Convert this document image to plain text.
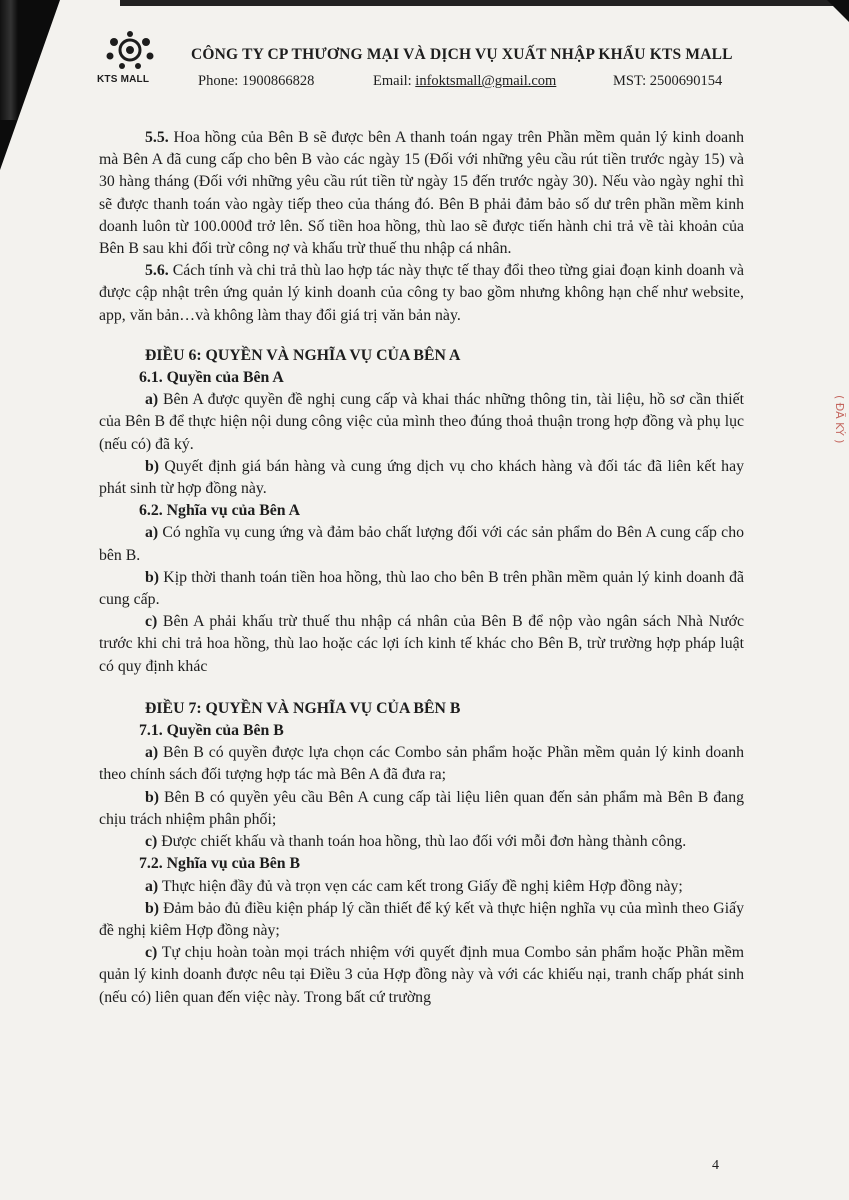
KTS MALL
CÔNG TY CP THƯƠNG MẠI VÀ DỊCH VỤ XUẤT NHẬP KHẨU KTS MALL
Phone: 1900866828	Email: infoktsmall@gmail.com	MST: 2500690154

5.5. Hoa hồng của Bên B sẽ được bên A thanh toán ngay trên Phần mềm quản lý kinh doanh mà Bên A đã cung cấp cho bên B vào các ngày 15 (Đối với những yêu cầu rút tiền trước ngày 15) và 30 hàng tháng (Đối với những yêu cầu rút tiền từ ngày 15 đến trước ngày 30). Nếu vào ngày nghỉ thì sẽ được thanh toán vào ngày tiếp theo của tháng đó. Bên B phải đảm bảo số dư trên phần mềm kinh doanh luôn từ 100.000đ trở lên. Số tiền hoa hồng, thù lao sẽ được tiến hành chi trả về tài khoản của Bên B sau khi đối trừ công nợ và khấu trừ thuế thu nhập cá nhân.

5.6. Cách tính và chi trả thù lao hợp tác này thực tế thay đổi theo từng giai đoạn kinh doanh và được cập nhật trên ứng quản lý kinh doanh của công ty bao gồm nhưng không hạn chế như website, app, văn bản…và không làm thay đổi giá trị văn bản này.

ĐIỀU 6: QUYỀN VÀ NGHĨA VỤ CỦA BÊN A

6.1. Quyền của Bên A

a) Bên A được quyền đề nghị cung cấp và khai thác những thông tin, tài liệu, hồ sơ cần thiết của Bên B để thực hiện nội dung công việc của mình theo đúng thoả thuận trong hợp đồng và phụ lục (nếu có) đã ký.

b) Quyết định giá bán hàng và cung ứng dịch vụ cho khách hàng và đối tác đã liên kết hay phát sinh từ hợp đồng này.

6.2. Nghĩa vụ của Bên A

a) Có nghĩa vụ cung ứng và đảm bảo chất lượng đối với các sản phẩm do Bên A cung cấp cho bên B.

b) Kịp thời thanh toán tiền hoa hồng, thù lao cho bên B trên phần mềm quản lý kinh doanh đã cung cấp.

c) Bên A phải khấu trừ thuế thu nhập cá nhân của Bên B để nộp vào ngân sách Nhà Nước trước khi chi trả hoa hồng, thù lao hoặc các lợi ích kinh tế khác cho Bên B, trừ trường hợp pháp luật có quy định khác

ĐIỀU 7: QUYỀN VÀ NGHĨA VỤ CỦA BÊN B

7.1. Quyền của Bên B

a) Bên B có quyền được lựa chọn các Combo sản phẩm hoặc Phần mềm quản lý kinh doanh theo chính sách đối tượng hợp tác mà Bên A đã đưa ra;

b) Bên B có quyền yêu cầu Bên A cung cấp tài liệu liên quan đến sản phẩm mà Bên B đang chịu trách nhiệm phân phối;

c) Được chiết khấu và thanh toán hoa hồng, thù lao đối với mỗi đơn hàng thành công.

7.2. Nghĩa vụ của Bên B

a) Thực hiện đầy đủ và trọn vẹn các cam kết trong Giấy đề nghị kiêm Hợp đồng này;

b) Đảm bảo đủ điều kiện pháp lý cần thiết để ký kết và thực hiện nghĩa vụ của mình theo Giấy đề nghị kiêm Hợp đồng này;

c) Tự chịu hoàn toàn mọi trách nhiệm với quyết định mua Combo sản phẩm hoặc Phần mềm quản lý kinh doanh được nêu tại Điều 3 của Hợp đồng này và với các khiếu nại, tranh chấp phát sinh (nếu có) liên quan đến việc này. Trong bất cứ trường

( ĐÃ KÝ )
4
